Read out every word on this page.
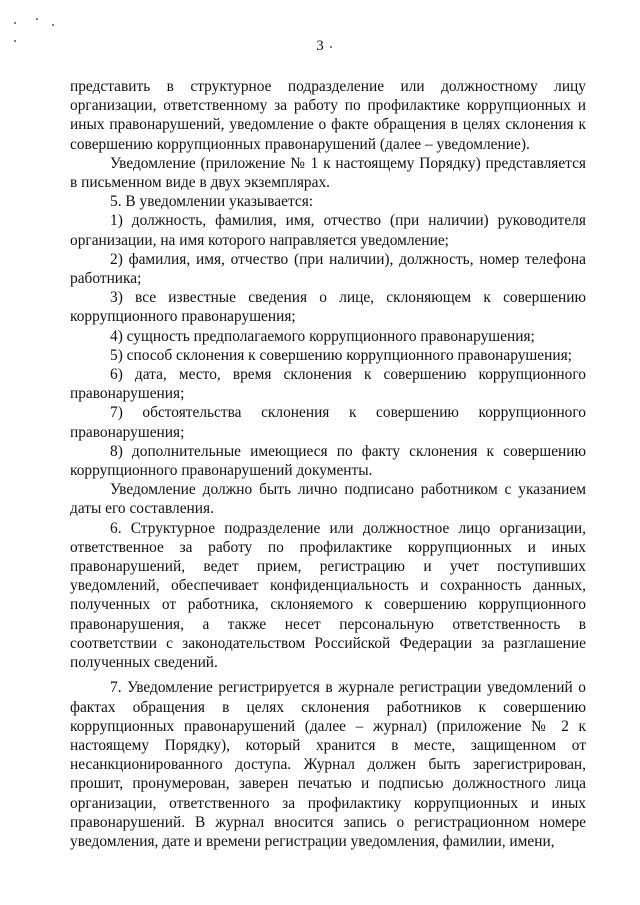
3

представить в структурное подразделение или должностному лицу организации, ответственному за работу по профилактике коррупционных и иных правонарушений, уведомление о факте обращения в целях склонения к совершению коррупционных правонарушений (далее – уведомление).

Уведомление (приложение № 1 к настоящему Порядку) представляется в письменном виде в двух экземплярах.

5. В уведомлении указывается:

1) должность, фамилия, имя, отчество (при наличии) руководителя организации, на имя которого направляется уведомление;

2) фамилия, имя, отчество (при наличии), должность, номер телефона работника;

3) все известные сведения о лице, склоняющем к совершению коррупционного правонарушения;

4) сущность предполагаемого коррупционного правонарушения;

5) способ склонения к совершению коррупционного правонарушения;

6) дата, место, время склонения к совершению коррупционного правонарушения;

7) обстоятельства склонения к совершению коррупционного правонарушения;

8) дополнительные имеющиеся по факту склонения к совершению коррупционного правонарушений документы.

Уведомление должно быть лично подписано работником с указанием даты его составления.

6. Структурное подразделение или должностное лицо организации, ответственное за работу по профилактике коррупционных и иных правонарушений, ведет прием, регистрацию и учет поступивших уведомлений, обеспечивает конфиденциальность и сохранность данных, полученных от работника, склоняемого к совершению коррупционного правонарушения, а также несет персональную ответственность в соответствии с законодательством Российской Федерации за разглашение полученных сведений.

7. Уведомление регистрируется в журнале регистрации уведомлений о фактах обращения в целях склонения работников к совершению коррупционных правонарушений (далее – журнал) (приложение № 2 к настоящему Порядку), который хранится в месте, защищенном от несанкционированного доступа. Журнал должен быть зарегистрирован, прошит, пронумерован, заверен печатью и подписью должностного лица организации, ответственного за профилактику коррупционных и иных правонарушений. В журнал вносится запись о регистрационном номере уведомления, дате и времени регистрации уведомления, фамилии, имени,
